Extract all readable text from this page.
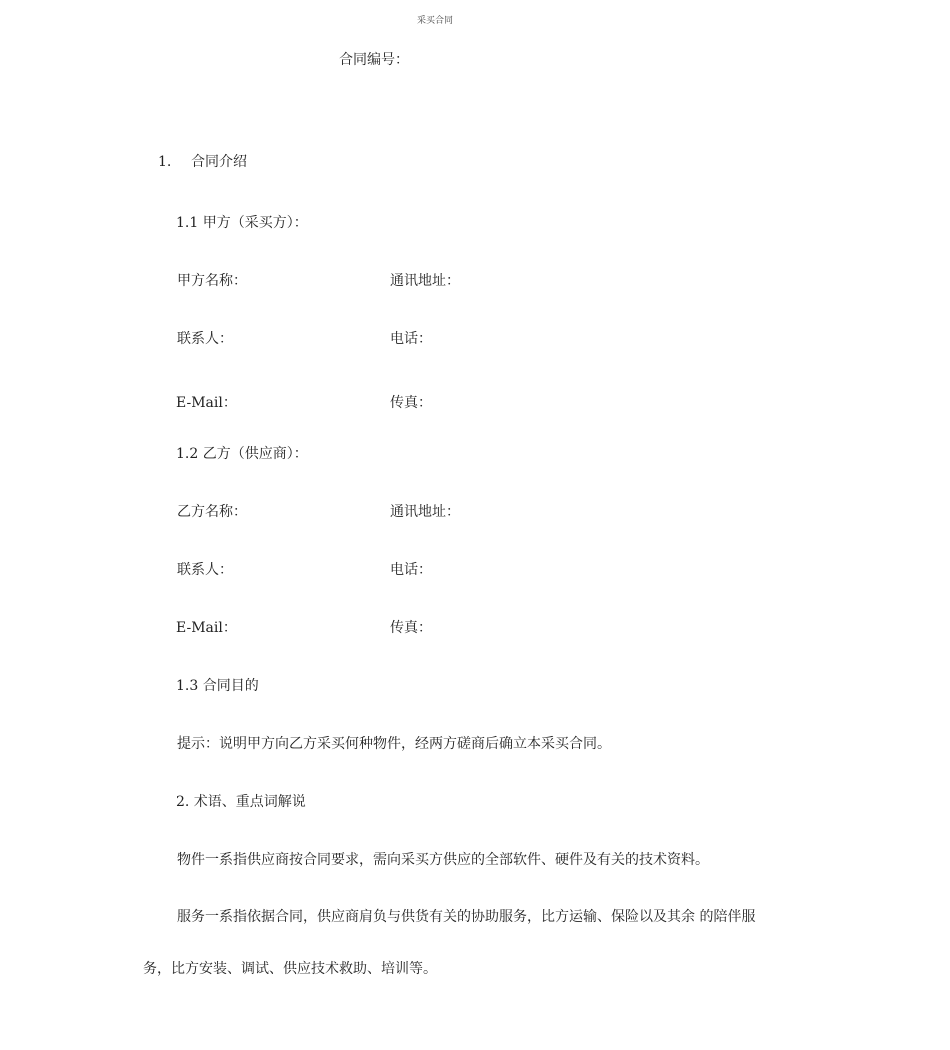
采买合同
合同编号：
1. 合同介绍
1.1 甲方（采买方）：
甲方名称：	通讯地址：
联系人：	电话：
E-Mail：	传真：
1.2 乙方（供应商）：
乙方名称：	通讯地址：
联系人：	电话：
E-Mail：	传真：
1.3 合同目的
提示：说明甲方向乙方采买何种物件，经两方磋商后确立本采买合同。
2. 术语、重点词解说
物件一系指供应商按合同要求，需向采买方供应的全部软件、硬件及有关的技术资料。
服务一系指依据合同，供应商肩负与供货有关的协助服务，比方运输、保险以及其余 的陪伴服
务，比方安装、调试、供应技术救助、培训等。
